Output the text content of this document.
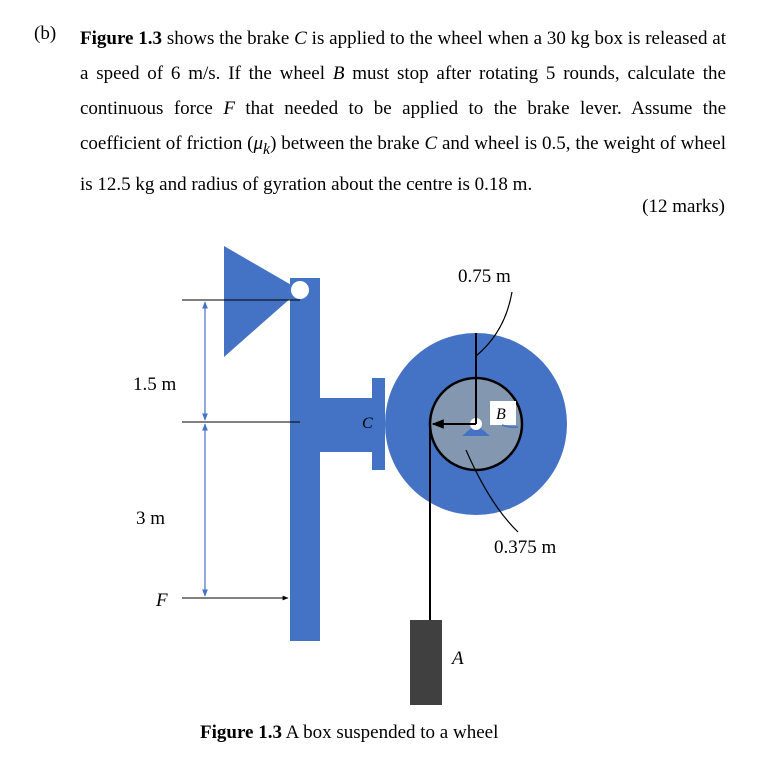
(b) Figure 1.3 shows the brake C is applied to the wheel when a 30 kg box is released at a speed of 6 m/s. If the wheel B must stop after rotating 5 rounds, calculate the continuous force F that needed to be applied to the brake lever. Assume the coefficient of friction $(\mu_k)$ between the brake C and wheel is 0.5, the weight of wheel is 12.5 kg and radius of gyration about the centre is 0.18 m.
(12 marks)
C
B
0.75 m
0.375 m
A
1.5 m
3 m
F
Figure 1.3 A box suspended to a wheel
